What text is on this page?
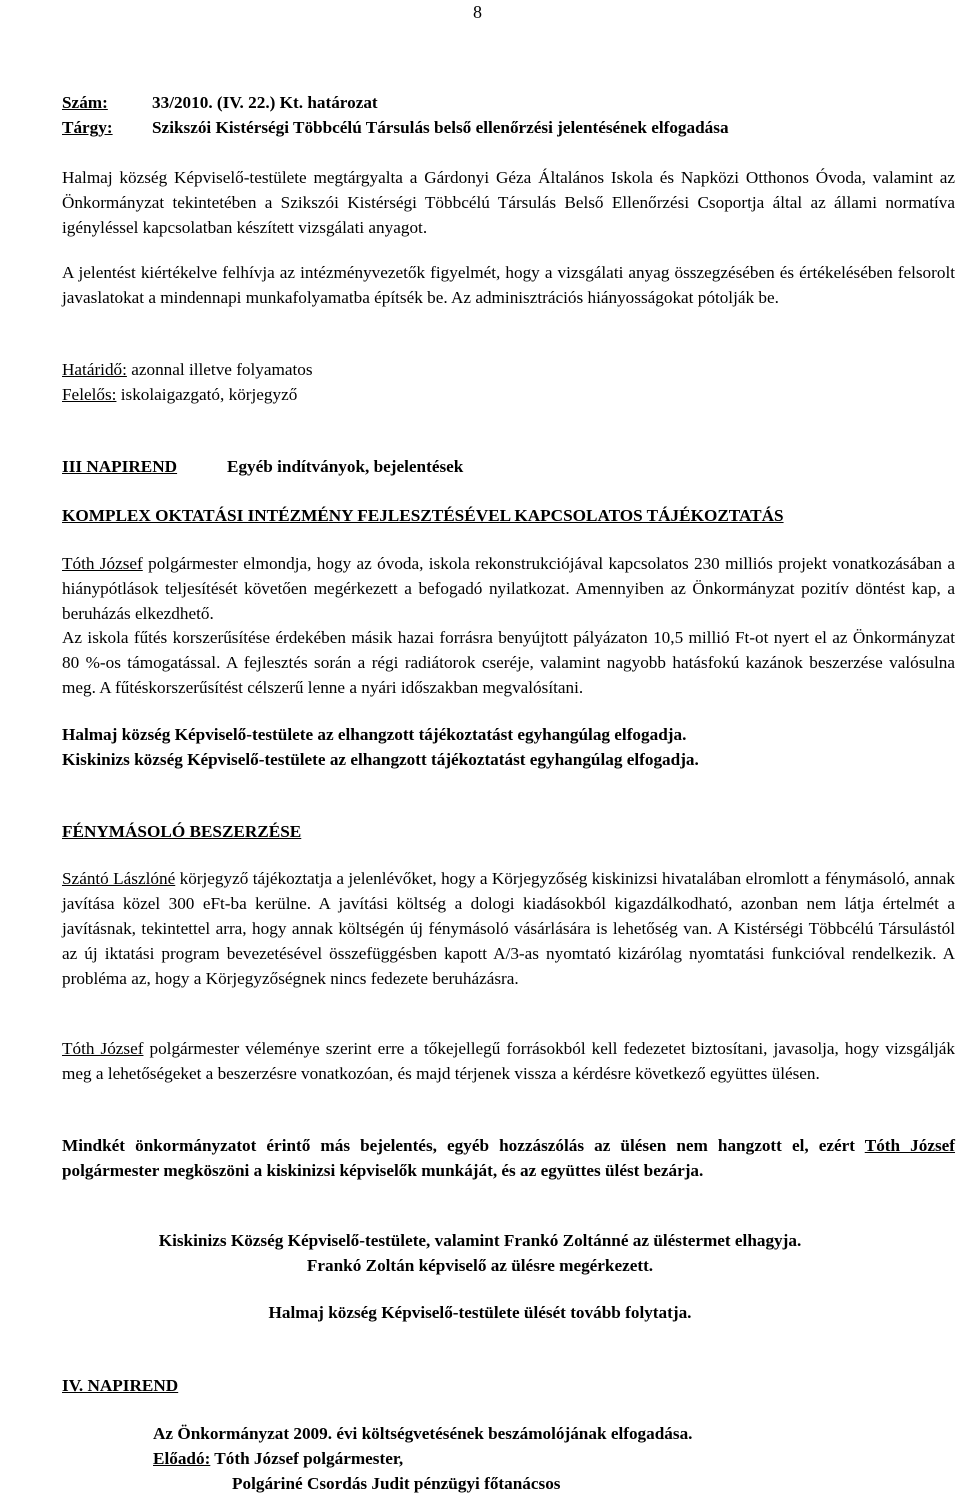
8
Szám:	33/2010. (IV. 22.) Kt. határozat
Tárgy: Szikszói Kistérségi Többcélú Társulás belső ellenőrzési jelentésének elfogadása
Halmaj község Képviselő-testülete megtárgyalta a Gárdonyi Géza Általános Iskola és Napközi Otthonos Óvoda, valamint az Önkormányzat tekintetében a Szikszói Kistérségi Többcélú Társulás Belső Ellenőrzési Csoportja által az állami normatíva igényléssel kapcsolatban készített vizsgálati anyagot.
A jelentést kiértékelve felhívja az intézményvezetők figyelmét, hogy a vizsgálati anyag összegzésében és értékelésében felsorolt javaslatokat a mindennapi munkafolyamatba építsék be. Az adminisztrációs hiányosságokat pótolják be.
Határidő: azonnal illetve folyamatos
Felelős: iskolaigazgató, körjegyző
III NAPIREND	Egyéb indítványok, bejelentések
KOMPLEX OKTATÁSI INTÉZMÉNY FEJLESZTÉSÉVEL KAPCSOLATOS TÁJÉKOZTATÁS
Tóth József polgármester elmondja, hogy az óvoda, iskola rekonstrukciójával kapcsolatos 230 milliós projekt vonatkozásában a hiánypótlások teljesítését követően megérkezett a befogadó nyilatkozat. Amennyiben az Önkormányzat pozitív döntést kap, a beruházás elkezdhető.
Az iskola fűtés korszerűsítése érdekében másik hazai forrásra benyújtott pályázaton 10,5 millió Ft-ot nyert el az Önkormányzat 80 %-os támogatással. A fejlesztés során a régi radiátorok cseréje, valamint nagyobb hatásfokú kazánok beszerzése valósulna meg. A fűtéskorszerűsítést célszerű lenne a nyári időszakban megvalósítani.
Halmaj község Képviselő-testülete az elhangzott tájékoztatást egyhangúlag elfogadja.
Kiskinizs község Képviselő-testülete az elhangzott tájékoztatást egyhangúlag elfogadja.
FÉNYMÁSOLÓ BESZERZÉSE
Szántó Lászlóné körjegyző tájékoztatja a jelenlévőket, hogy a Körjegyzőség kiskinizsi hivatalában elromlott a fénymásoló, annak javítása közel 300 eFt-ba kerülne. A javítási költség a dologi kiadásokból kigazdálkodható, azonban nem látja értelmét a javításnak, tekintettel arra, hogy annak költségén új fénymásoló vásárlására is lehetőség van. A Kistérségi Többcélú Társulástól az új iktatási program bevezetésével összefüggésben kapott A/3-as nyomtató kizárólag nyomtatási funkcióval rendelkezik. A probléma az, hogy a Körjegyzőségnek nincs fedezete beruházásra.
Tóth József polgármester véleménye szerint erre a tőkejellegű forrásokból kell fedezetet biztosítani, javasolja, hogy vizsgálják meg a lehetőségeket a beszerzésre vonatkozóan, és majd térjenek vissza a kérdésre következő együttes ülésen.
Mindkét önkormányzatot érintő más bejelentés, egyéb hozzászólás az ülésen nem hangzott el, ezért Tóth József polgármester megköszöni a kiskinizsi képviselők munkáját, és az együttes ülést bezárja.
Kiskinizs Község Képviselő-testülete, valamint Frankó Zoltánné az üléstermet elhagyja.
Frankó Zoltán képviselő az ülésre megérkezett.
Halmaj község Képviselő-testülete ülését tovább folytatja.
IV. NAPIREND
Az Önkormányzat 2009. évi költségvetésének beszámolójának elfogadása.
Előadó: Tóth József polgármester,
Polgáriné Csordás Judit pénzügyi főtanácsos
